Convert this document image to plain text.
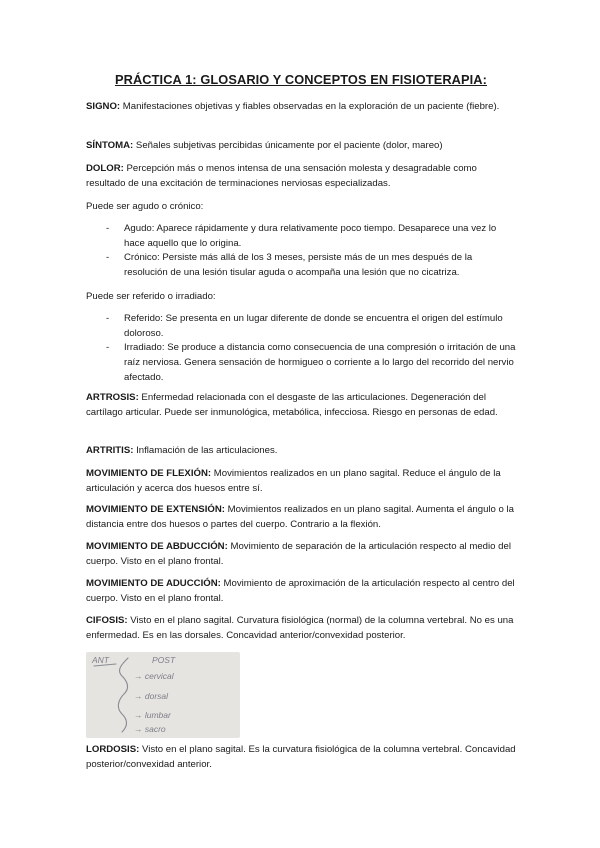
PRÁCTICA 1: GLOSARIO Y CONCEPTOS EN FISIOTERAPIA:

SIGNO: Manifestaciones objetivas y fiables observadas en la exploración de un paciente (fiebre).

SÍNTOMA: Señales subjetivas percibidas únicamente por el paciente (dolor, mareo)

DOLOR: Percepción más o menos intensa de una sensación molesta y desagradable como resultado de una excitación de terminaciones nerviosas especializadas.

Puede ser agudo o crónico:

- Agudo: Aparece rápidamente y dura relativamente poco tiempo. Desaparece una vez lo hace aquello que lo origina.
- Crónico: Persiste más allá de los 3 meses, persiste más de un mes después de la resolución de una lesión tisular aguda o acompaña una lesión que no cicatriza.

Puede ser referido o irradiado:

- Referido: Se presenta en un lugar diferente de donde se encuentra el origen del estímulo doloroso.
- Irradiado: Se produce a distancia como consecuencia de una compresión o irritación de una raíz nerviosa. Genera sensación de hormigueo o corriente a lo largo del recorrido del nervio afectado.

ARTROSIS: Enfermedad relacionada con el desgaste de las articulaciones. Degeneración del cartílago articular. Puede ser inmunológica, metabólica, infecciosa. Riesgo en personas de edad.

ARTRITIS: Inflamación de las articulaciones.

MOVIMIENTO DE FLEXIÓN: Movimientos realizados en un plano sagital. Reduce el ángulo de la articulación y acerca dos huesos entre sí.

MOVIMIENTO DE EXTENSIÓN: Movimientos realizados en un plano sagital. Aumenta el ángulo o la distancia entre dos huesos o partes del cuerpo. Contrario a la flexión.

MOVIMIENTO DE ABDUCCIÓN: Movimiento de separación de la articulación respecto al medio del cuerpo. Visto en el plano frontal.

MOVIMIENTO DE ADUCCIÓN: Movimiento de aproximación de la articulación respecto al centro del cuerpo. Visto en el plano frontal.

CIFOSIS: Visto en el plano sagital. Curvatura fisiológica (normal) de la columna vertebral. No es una enfermedad. Es en las dorsales. Concavidad anterior/convexidad posterior.

ANT	POST
→ cervical
→ dorsal
→ lumbar
→ sacro

LORDOSIS: Visto en el plano sagital. Es la curvatura fisiológica de la columna vertebral. Concavidad posterior/convexidad anterior.
